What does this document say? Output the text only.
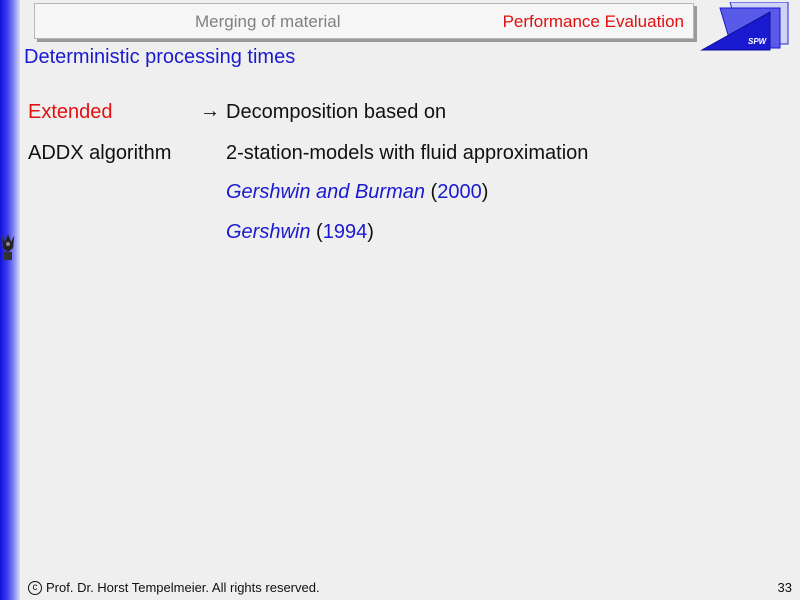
Merging of material	Performance Evaluation
SPW
Deterministic processing times
Extended
ADDX algorithm
→ Decomposition based on
2-station-models with fluid approximation
Gershwin and Burman (2000)
Gershwin (1994)
c Prof. Dr. Horst Tempelmeier. All rights reserved.	33
